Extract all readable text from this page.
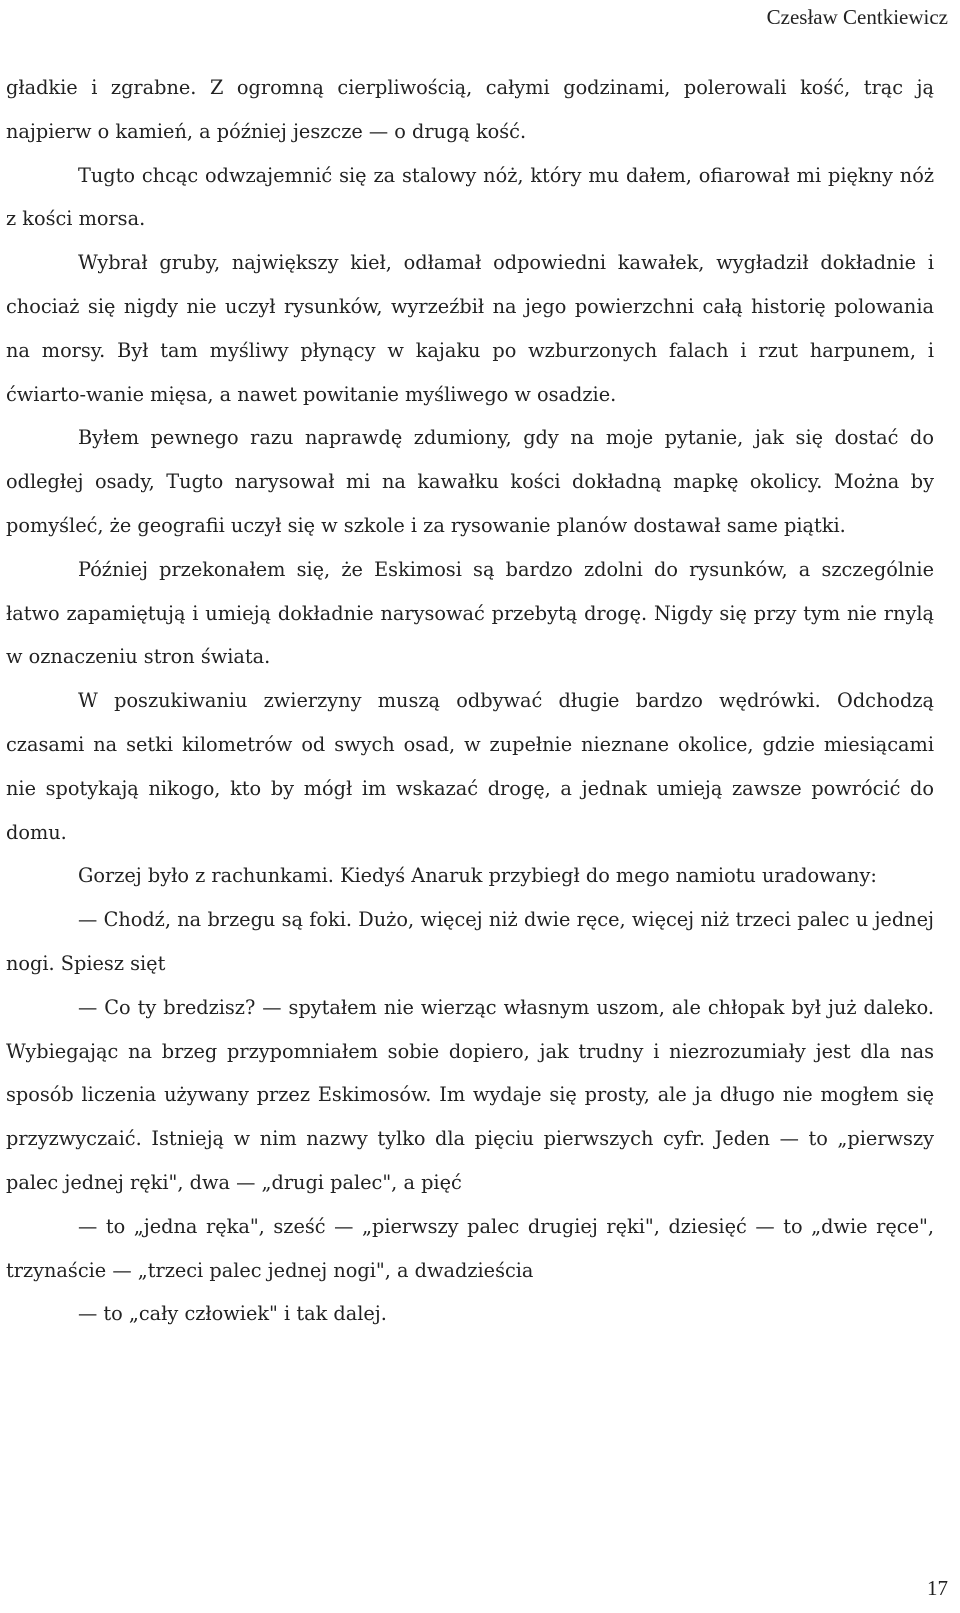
Czesław Centkiewicz

gładkie i zgrabne. Z ogromną cierpliwością, całymi godzinami, polerowali kość, trąc ją najpierw o kamień, a później jeszcze — o drugą kość.

Tugto chcąc odwzajemnić się za stalowy nóż, który mu dałem, ofiarował mi piękny nóż z kości morsa.

Wybrał gruby, największy kieł, odłamał odpowiedni kawałek, wygładził dokładnie i chociaż się nigdy nie uczył rysunków, wyrzeźbił na jego powierzchni całą historię polowania na morsy. Był tam myśliwy płynący w kajaku po wzburzonych falach i rzut harpunem, i ćwiarto-wanie mięsa, a nawet powitanie myśliwego w osadzie.

Byłem pewnego razu naprawdę zdumiony, gdy na moje pytanie, jak się dostać do odległej osady, Tugto narysował mi na kawałku kości dokładną mapkę okolicy. Można by pomyśleć, że geografii uczył się w szkole i za rysowanie planów dostawał same piątki.

Później przekonałem się, że Eskimosi są bardzo zdolni do rysunków, a szczególnie łatwo zapamiętują i umieją dokładnie narysować przebytą drogę. Nigdy się przy tym nie rnylą w oznaczeniu stron świata.

W poszukiwaniu zwierzyny muszą odbywać długie bardzo wędrówki. Odchodzą czasami na setki kilometrów od swych osad, w zupełnie nieznane okolice, gdzie miesiącami nie spotykają nikogo, kto by mógł im wskazać drogę, a jednak umieją zawsze powrócić do domu.

Gorzej było z rachunkami. Kiedyś Anaruk przybiegł do mego namiotu uradowany:

— Chodź, na brzegu są foki. Dużo, więcej niż dwie ręce, więcej niż trzeci palec u jednej nogi. Spiesz sięt

— Co ty bredzisz? — spytałem nie wierząc własnym uszom, ale chłopak był już daleko. Wybiegając na brzeg przypomniałem sobie dopiero, jak trudny i niezrozumiały jest dla nas sposób liczenia używany przez Eskimosów. Im wydaje się prosty, ale ja długo nie mogłem się przyzwyczaić. Istnieją w nim nazwy tylko dla pięciu pierwszych cyfr. Jeden — to „pierwszy palec jednej ręki", dwa — „drugi palec", a pięć

— to „jedna ręka", sześć — „pierwszy palec drugiej ręki", dziesięć — to „dwie ręce", trzynaście — „trzeci palec jednej nogi", a dwadzieścia

— to „cały człowiek" i tak dalej.

17
